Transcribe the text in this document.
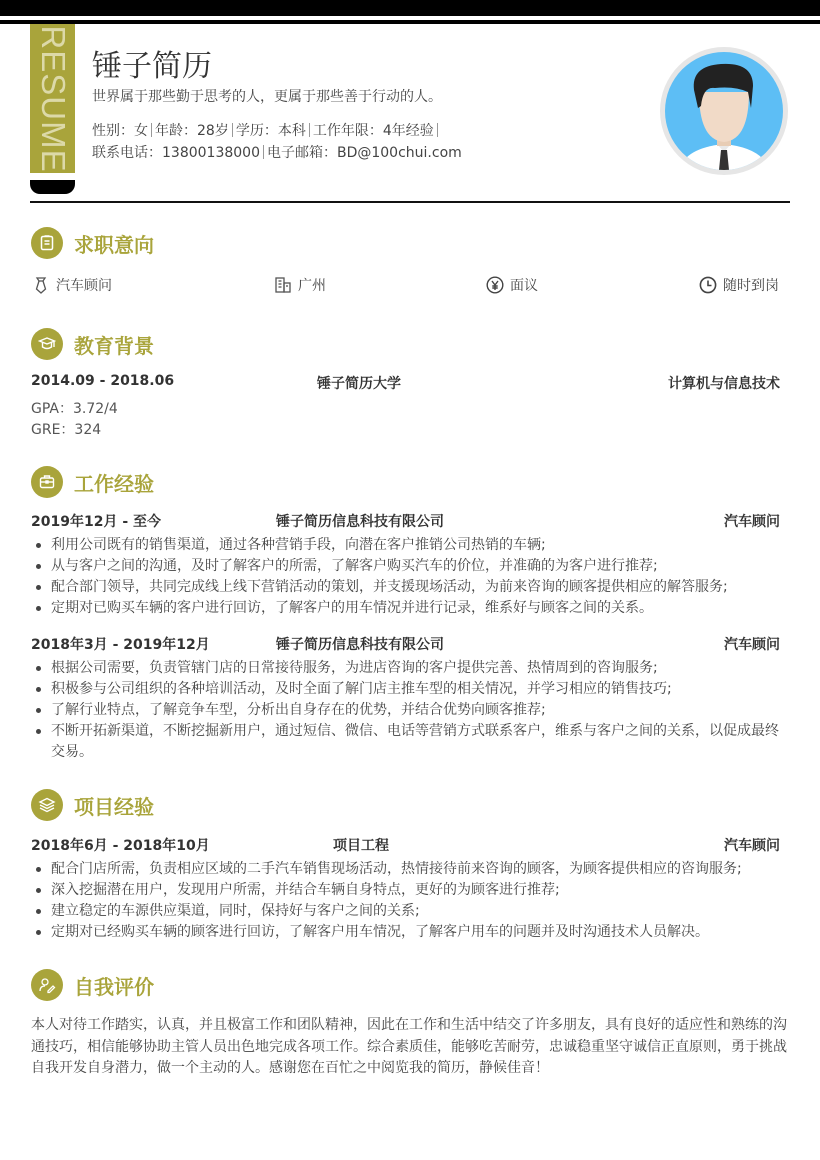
RESUME 锤子简历
世界属于那些勤于思考的人，更属于那些善于行动的人。
性别：女 年龄：28岁 学历：本科 工作年限：4年经验
联系电话：13800138000 电子邮箱：BD@100chui.com
求职意向
汽车顾问	广州	面议	随时到岗
教育背景
2014.09 - 2018.06	锤子简历大学	计算机与信息技术
GPA：3.72/4
GRE：324
工作经验
2019年12月 - 至今	锤子简历信息科技有限公司	汽车顾问
利用公司既有的销售渠道，通过各种营销手段，向潜在客户推销公司热销的车辆;
从与客户之间的沟通，及时了解客户的所需，了解客户购买汽车的价位，并准确的为客户进行推荐;
配合部门领导，共同完成线上线下营销活动的策划，并支援现场活动，为前来咨询的顾客提供相应的解答服务;
定期对已购买车辆的客户进行回访，了解客户的用车情况并进行记录，维系好与顾客之间的关系。
2018年3月 - 2019年12月	锤子简历信息科技有限公司	汽车顾问
根据公司需要，负责管辖门店的日常接待服务，为进店咨询的客户提供完善、热情周到的咨询服务;
积极参与公司组织的各种培训活动，及时全面了解门店主推车型的相关情况，并学习相应的销售技巧;
了解行业特点，了解竞争车型，分析出自身存在的优势，并结合优势向顾客推荐;
不断开拓新渠道，不断挖掘新用户，通过短信、微信、电话等营销方式联系客户，维系与客户之间的关系，以促成最终交易。
项目经验
2018年6月 - 2018年10月	项目工程	汽车顾问
配合门店所需，负责相应区域的二手汽车销售现场活动，热情接待前来咨询的顾客，为顾客提供相应的咨询服务;
深入挖掘潜在用户，发现用户所需，并结合车辆自身特点，更好的为顾客进行推荐;
建立稳定的车源供应渠道，同时，保持好与客户之间的关系;
定期对已经购买车辆的顾客进行回访，了解客户用车情况，了解客户用车的问题并及时沟通技术人员解决。
自我评价

本人对待工作踏实，认真，并且极富工作和团队精神，因此在工作和生活中结交了许多朋友，具有良好的适应性和熟练的沟通技巧，相信能够协助主管人员出色地完成各项工作。综合素质佳，能够吃苦耐劳，忠诚稳重坚守诚信正直原则，勇于挑战自我开发自身潜力，做一个主动的人。感谢您在百忙之中阅览我的简历，静候佳音！
